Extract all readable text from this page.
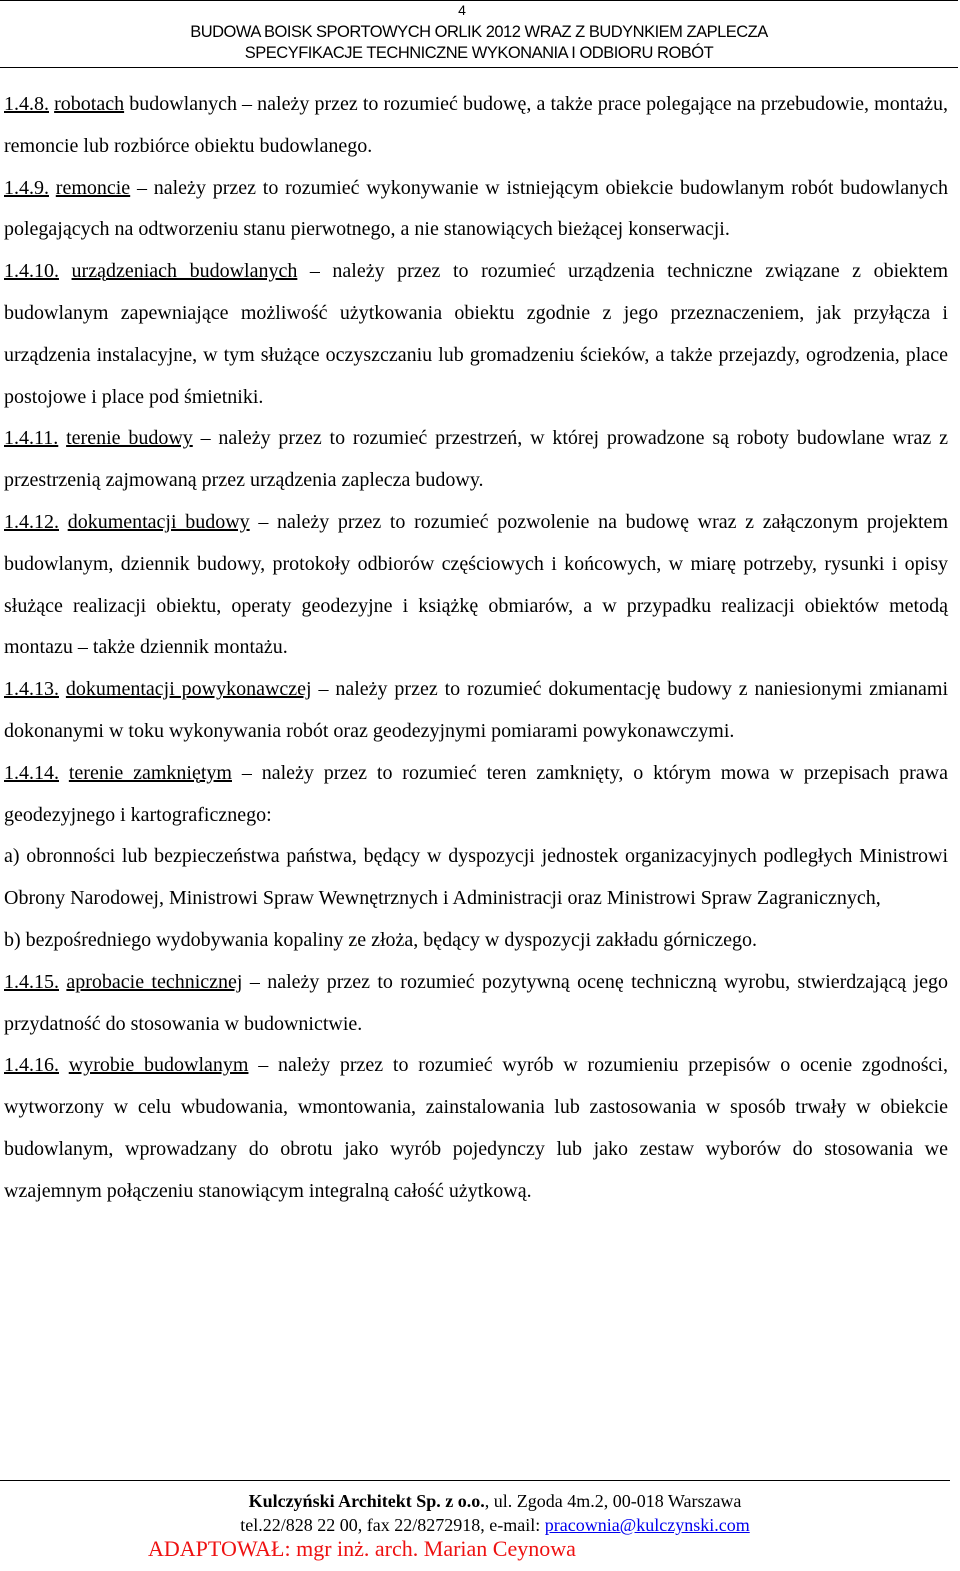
4
BUDOWA BOISK SPORTOWYCH ORLIK 2012 WRAZ Z BUDYNKIEM ZAPLECZA
SPECYFIKACJE TECHNICZNE WYKONANIA I ODBIORU ROBÓT

1.4.8. robotach budowlanych – należy przez to rozumieć budowę, a także prace polegające na przebudowie, montażu, remoncie lub rozbiórce obiektu budowlanego.

1.4.9. remoncie – należy przez to rozumieć wykonywanie w istniejącym obiekcie budowlanym robót budowlanych polegających na odtworzeniu stanu pierwotnego, a nie stanowiących bieżącej konserwacji.

1.4.10. urządzeniach budowlanych – należy przez to rozumieć urządzenia techniczne związane z obiektem budowlanym zapewniające możliwość użytkowania obiektu zgodnie z jego przeznaczeniem, jak przyłącza i urządzenia instalacyjne, w tym służące oczyszczaniu lub gromadzeniu ścieków, a także przejazdy, ogrodzenia, place postojowe i place pod śmietniki.

1.4.11. terenie budowy – należy przez to rozumieć przestrzeń, w której prowadzone są roboty budowlane wraz z przestrzenią zajmowaną przez urządzenia zaplecza budowy.

1.4.12. dokumentacji budowy – należy przez to rozumieć pozwolenie na budowę wraz z załączonym projektem budowlanym, dziennik budowy, protokoły odbiorów częściowych i końcowych, w miarę potrzeby, rysunki i opisy służące realizacji obiektu, operaty geodezyjne i książkę obmiarów, a w przypadku realizacji obiektów metodą montazu – także dziennik montażu.

1.4.13. dokumentacji powykonawczej – należy przez to rozumieć dokumentację budowy z naniesionymi zmianami dokonanymi w toku wykonywania robót oraz geodezyjnymi pomiarami powykonawczymi.

1.4.14. terenie zamkniętym – należy przez to rozumieć teren zamknięty, o którym mowa w przepisach prawa geodezyjnego i kartograficznego:

a) obronności lub bezpieczeństwa państwa, będący w dyspozycji jednostek organizacyjnych podległych Ministrowi Obrony Narodowej, Ministrowi Spraw Wewnętrznych i Administracji oraz Ministrowi Spraw Zagranicznych,

b) bezpośredniego wydobywania kopaliny ze złoża, będący w dyspozycji zakładu górniczego.

1.4.15. aprobacie technicznej – należy przez to rozumieć pozytywną ocenę techniczną wyrobu, stwierdzającą jego przydatność do stosowania w budownictwie.

1.4.16. wyrobie budowlanym – należy przez to rozumieć wyrób w rozumieniu przepisów o ocenie zgodności, wytworzony w celu wbudowania, wmontowania, zainstalowania lub zastosowania w sposób trwały w obiekcie budowlanym, wprowadzany do obrotu jako wyrób pojedynczy lub jako zestaw wyborów do stosowania we wzajemnym połączeniu stanowiącym integralną całość użytkową.

Kulczyński Architekt Sp. z o.o., ul. Zgoda 4m.2, 00-018 Warszawa
tel.22/828 22 00, fax 22/8272918, e-mail: pracownia@kulczynski.com
ADAPTOWAŁ: mgr inż. arch. Marian Ceynowa
